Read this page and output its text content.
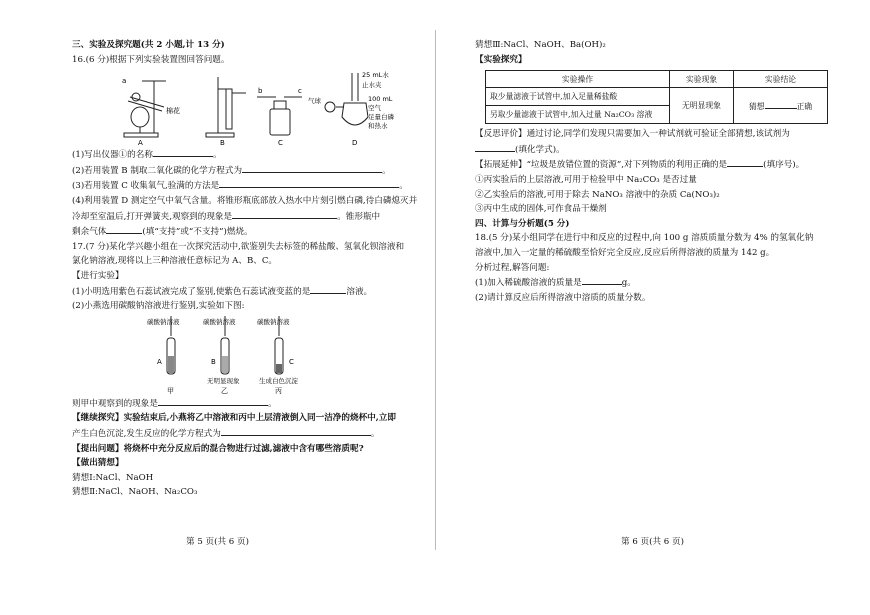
三、实验及探究题(共 2 小题,计 13 分)
16.(6 分)根据下列实验装置图回答问题。
a
棉花
A	B
b	c
C
气球
25 mL水
止水夹
100 mL
空气
足量白磷
和热水
D
(1)写出仪器①的名称	。
(2)若用装置 B 制取二氧化碳的化学方程式为	。
(3)若用装置 C 收集氧气,验满的方法是	。
(4)利用装置 D 测定空气中氧气含量。将锥形瓶底部放入热水中片刻引燃白磷,待白磷熄灭并
冷却至室温后,打开弹簧夹,观察到的现象是	。锥形瓶中
剩余气体	(填“支持”或“不支持”)燃烧。
17.(7 分)某化学兴趣小组在一次探究活动中,欲鉴别失去标签的稀盐酸、氢氧化钡溶液和
氯化钠溶液,现将以上三种溶液任意标记为 A、B、C。
【进行实验】
(1)小明选用紫色石蕊试液完成了鉴别,使紫色石蕊试液变蓝的是	溶液。
(2)小燕选用碳酸钠溶液进行鉴别,实验如下图:
碳酸钠溶液	碳酸钠溶液	碳酸钠溶液
A	B	C
无明显现象	生成白色沉淀
甲	乙	丙
则甲中观察到的现象是	。
【继续探究】实验结束后,小燕将乙中溶液和丙中上层清液倒入同一洁净的烧杯中,立即
产生白色沉淀,发生反应的化学方程式为	。
【提出问题】将烧杯中充分反应后的混合物进行过滤,滤液中含有哪些溶质呢?
【做出猜想】
猜想Ⅰ:NaCl、NaOH
猜想Ⅱ:NaCl、NaOH、Na₂CO₃
第 5 页(共 6 页)
猜想Ⅲ:NaCl、NaOH、Ba(OH)₂
【实验探究】
实验操作	实验现象	实验结论
取少量滤液于试管中,加入足量稀盐酸	无明显现象	猜想 正确
另取少量滤液于试管中,加入过量 Na₂CO₃ 溶液		
【反思评价】通过讨论,同学们发现只需要加入一种试剂就可验证全部猜想,该试剂为
(填化学式)。
【拓展延伸】“垃圾是放错位置的资源”,对下列物质的利用正确的是	(填序号)。
①丙实验后的上层溶液,可用于检验甲中 Na₂CO₃ 是否过量
②乙实验后的溶液,可用于除去 NaNO₃ 溶液中的杂质 Ca(NO₃)₂
③丙中生成的固体,可作食品干燥剂
四、计算与分析题(5 分)
18.(5 分)某小组同学在进行中和反应的过程中,向 100 g 溶质质量分数为 4% 的氢氧化钠
溶液中,加入一定量的稀硫酸至恰好完全反应,反应后所得溶液的质量为 142 g。
分析过程,解答问题:
(1)加入稀硫酸溶液的质量是	g。
(2)请计算反应后所得溶液中溶质的质量分数。
第 6 页(共 6 页)
